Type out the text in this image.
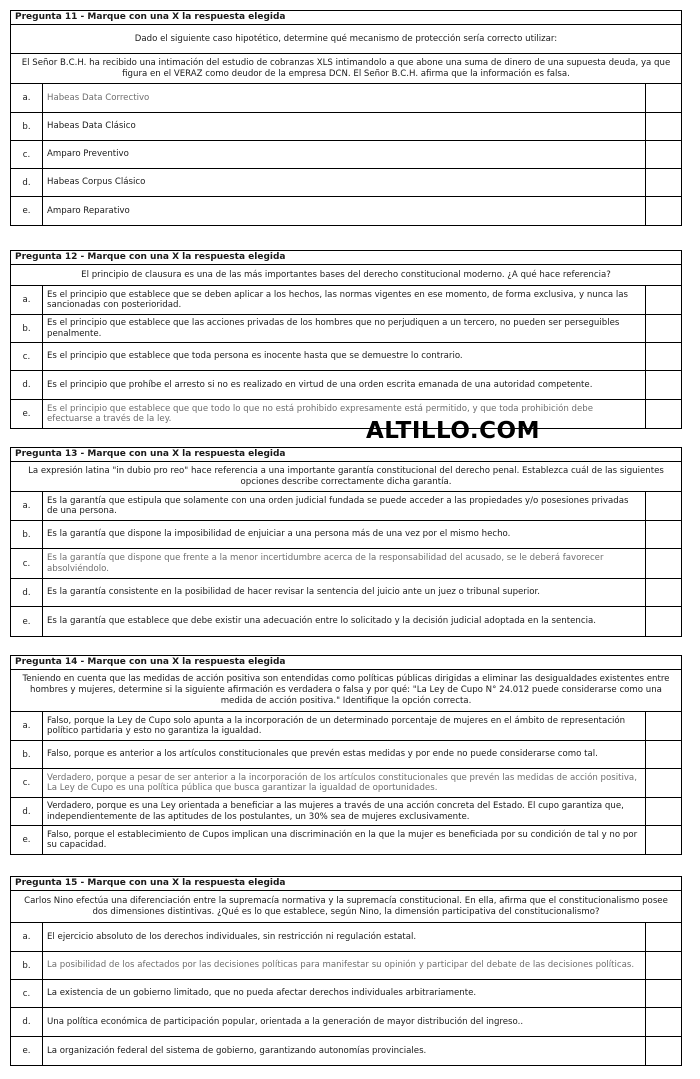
Pregunta 11 - Marque con una X la respuesta elegida
Dado el siguiente caso hipotético, determine qué mecanismo de protección sería correcto utilizar:
El Señor B.C.H. ha recibido una intimación del estudio de cobranzas XLS intimandolo a que abone una suma de dinero de una supuesta deuda, ya que figura en el VERAZ como deudor de la empresa DCN. El Señor B.C.H. afirma que la información es falsa.
a.	Habeas Data Correctivo
b.	Habeas Data Clásico
c.	Amparo Preventivo
d.	Habeas Corpus Clásico
e.	Amparo Reparativo
Pregunta 12 - Marque con una X la respuesta elegida
El principio de clausura es una de las más importantes bases del derecho constitucional moderno. ¿A qué hace referencia?
a.
Es el principio que establece que se deben aplicar a los hechos, las normas vigentes en ese momento, de forma exclusiva, y nunca las sancionadas con posterioridad.
b.
Es el principio que establece que las acciones privadas de los hombres que no perjudiquen a un tercero, no pueden ser perseguibles penalmente.
c.	Es el principio que establece que toda persona es inocente hasta que se demuestre lo contrario.
d.	Es el principio que prohíbe el arresto si no es realizado en virtud de una orden escrita emanada de una autoridad competente.
e.
Es el principio que establece que que todo lo que no está prohibido expresamente está permitido, y que toda prohibición debe efectuarse a través de la ley.
Pregunta 13 - Marque con una X la respuesta elegida
La expresión latina "in dubio pro reo" hace referencia a una importante garantía constitucional del derecho penal. Establezca cuál de las siguientes opciones describe correctamente dicha garantía.
a.
Es la garantía que estipula que solamente con una orden judicial fundada se puede acceder a las propiedades y/o posesiones privadas de una persona.
b.	Es la garantía que dispone la imposibilidad de enjuiciar a una persona más de una vez por el mismo hecho.
c.
Es la garantía que dispone que frente a la menor incertidumbre acerca de la responsabilidad del acusado, se le deberá favorecer absolviéndolo.
d.	Es la garantía consistente en la posibilidad de hacer revisar la sentencia del juicio ante un juez o tribunal superior.
e.	Es la garantía que establece que debe existir una adecuación entre lo solicitado y la decisión judicial adoptada en la sentencia.
Pregunta 14 - Marque con una X la respuesta elegida
Teniendo en cuenta que las medidas de acción positiva son entendidas como políticas públicas dirigidas a eliminar las desigualdades existentes entre hombres y mujeres, determine si la siguiente afirmación es verdadera o falsa y por qué: "La Ley de Cupo N° 24.012 puede considerarse como una medida de acción positiva." Identifique la opción correcta.
a.
Falso, porque la Ley de Cupo solo apunta a la incorporación de un determinado porcentaje de mujeres en el ámbito de representación político partidaria y esto no garantiza la igualdad.
b.	Falso, porque es anterior a los artículos constitucionales que prevén estas medidas y por ende no puede considerarse como tal.
c.
Verdadero, porque a pesar de ser anterior a la incorporación de los artículos constitucionales que prevén las medidas de acción positiva, La Ley de Cupo es una política pública que busca garantizar la igualdad de oportunidades.
d.
Verdadero, porque es una Ley orientada a beneficiar a las mujeres a través de una acción concreta del Estado. El cupo garantiza que, independientemente de las aptitudes de los postulantes, un 30% sea de mujeres exclusivamente.
e.
Falso, porque el establecimiento de Cupos implican una discriminación en la que la mujer es beneficiada por su condición de tal y no por su capacidad.
Pregunta 15 - Marque con una X la respuesta elegida
Carlos Nino efectúa una diferenciación entre la supremacía normativa y la supremacía constitucional. En ella, afirma que el constitucionalismo posee dos dimensiones distintivas. ¿Qué es lo que establece, según Nino, la dimensión participativa del constitucionalismo?
a.	El ejercicio absoluto de los derechos individuales, sin restricción ni regulación estatal.
b.	La posibilidad de los afectados por las decisiones políticas para manifestar su opinión y participar del debate de las decisiones políticas.
c.	La existencia de un gobierno limitado, que no pueda afectar derechos individuales arbitrariamente.
d.	Una política económica de participación popular, orientada a la generación de mayor distribución del ingreso..
e.	La organización federal del sistema de gobierno, garantizando autonomías provinciales.
ALTILLO.COM
